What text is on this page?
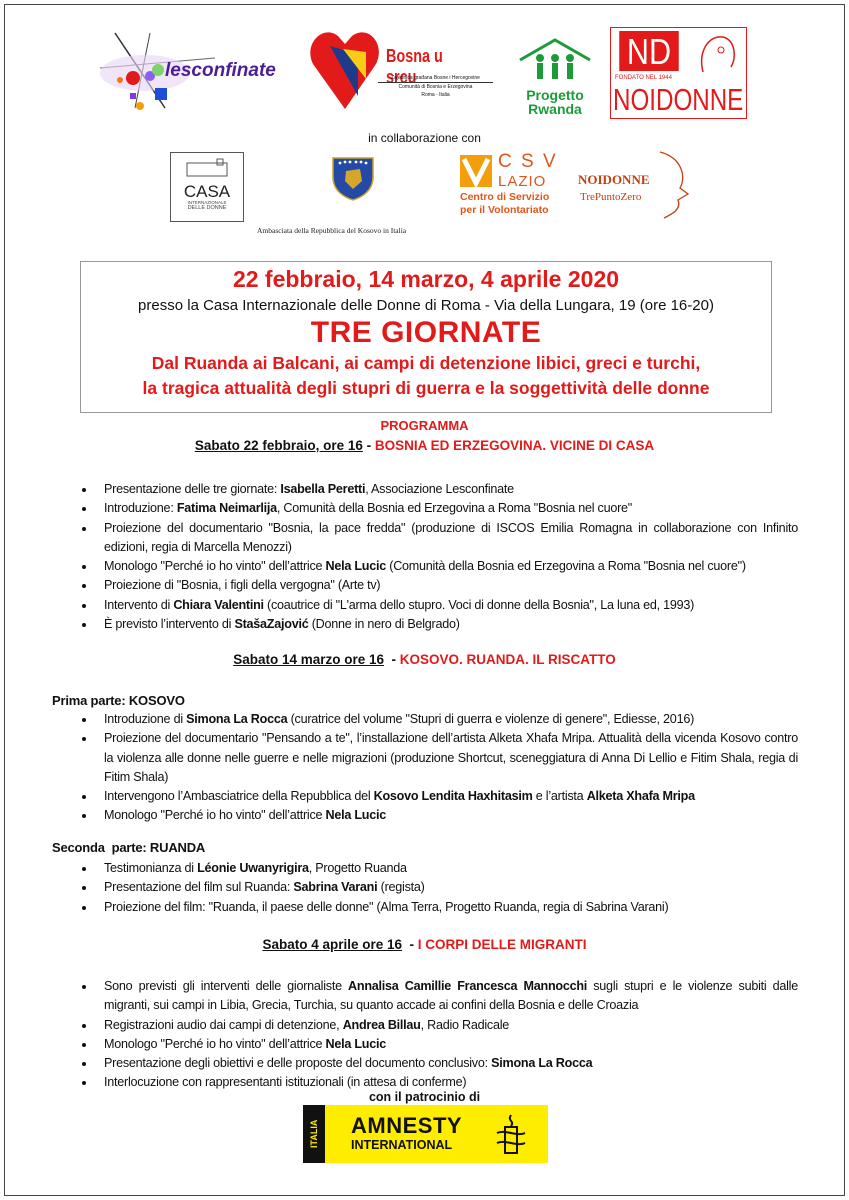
lesconfinate
Bosna u srcu
Zajednica građana Bosne i Hercegovine
Comunità di Bosnia e Erzegovina
Roma - Italia	Progetto
Rwanda
ND
FONDATO NEL 1944
NOIDONNE
in collaborazione con
CASA
INTERNAZIONALE
DELLE DONNE
Ambasciata della Repubblica del Kosovo in Italia
C S V
LAZIO
Centro di Servizio
per il Volontariato
NOIDONNE
TrePuntoZero
22 febbraio, 14 marzo, 4 aprile 2020
presso la Casa Internazionale delle Donne di Roma - Via della Lungara, 19 (ore 16-20)
TRE GIORNATE
Dal Ruanda ai Balcani, ai campi di detenzione libici, greci e turchi,
la tragica attualità degli stupri di guerra e la soggettività delle donne
PROGRAMMA
Sabato 22 febbraio, ore 16 - BOSNIA ED ERZEGOVINA. VICINE DI CASA
Presentazione delle tre giornate: Isabella Peretti, Associazione Lesconfinate
Introduzione: Fatima Neimarlija, Comunità della Bosnia ed Erzegovina a Roma "Bosnia nel cuore"
Proiezione del documentario "Bosnia, la pace fredda" (produzione di ISCOS Emilia Romagna in collaborazione con Infinito edizioni, regia di Marcella Menozzi)
Monologo "Perché io ho vinto" dell’attrice Nela Lucic (Comunità della Bosnia ed Erzegovina a Roma "Bosnia nel cuore")
Proiezione di "Bosnia, i figli della vergogna" (Arte tv)
Intervento di Chiara Valentini (coautrice di "L'arma dello stupro. Voci di donne della Bosnia", La luna ed, 1993)
È previsto l’intervento di StašaZajović (Donne in nero di Belgrado)
Sabato 14 marzo ore 16  - KOSOVO. RUANDA. IL RISCATTO
Prima parte: KOSOVO
Introduzione di Simona La Rocca (curatrice del volume "Stupri di guerra e violenze di genere", Ediesse, 2016)
Proiezione del documentario "Pensando a te", l’installazione dell’artista Alketa Xhafa Mripa. Attualità della vicenda Kosovo contro la violenza alle donne nelle guerre e nelle migrazioni (produzione Shortcut, sceneggiatura di Anna Di Lellio e Fitim Shala, regia di Fitim Shala)
Intervengono l’Ambasciatrice della Repubblica del Kosovo Lendita Haxhitasim e l’artista Alketa Xhafa Mripa
Monologo "Perché io ho vinto" dell’attrice Nela Lucic
Seconda  parte: RUANDA
Testimonianza di Léonie Uwanyrigira, Progetto Ruanda
Presentazione del film sul Ruanda: Sabrina Varani (regista)
Proiezione del film: "Ruanda, il paese delle donne" (Alma Terra, Progetto Ruanda, regia di Sabrina Varani)
Sabato 4 aprile ore 16  - I CORPI DELLE MIGRANTI
Sono previsti gli interventi delle giornaliste Annalisa Camillie Francesca Mannocchi sugli stupri e le violenze subiti dalle migranti, sui campi in Libia, Grecia, Turchia, su quanto accade ai confini della Bosnia e delle Croazia
Registrazioni audio dai campi di detenzione, Andrea Billau, Radio Radicale
Monologo "Perché io ho vinto" dell’attrice Nela Lucic
Presentazione degli obiettivi e delle proposte del documento conclusivo: Simona La Rocca
Interlocuzione con rappresentanti istituzionali (in attesa di conferme)
con il patrocinio di
ITALIA AMNESTY
INTERNATIONAL
